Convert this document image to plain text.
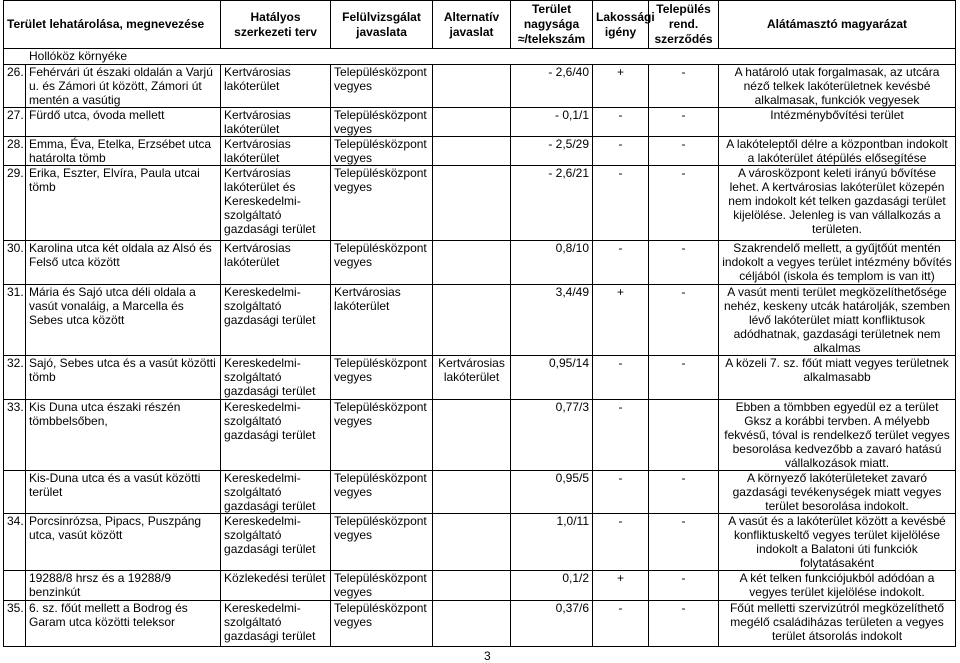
Terület lehatárolása, megnevezése		Hatályos szerkezeti terv	Felülvizsgálat javaslata	Alternatív javaslat	Terület nagysága ≈/telekszám	Lakossági igény	Település rend. szerződés	Alátámasztó magyarázat
Hollóköz környéke								
26.	Fehérvári út északi oldalán a Varjú u. és Zámori út között, Zámori út mentén a vasútig	Kertvárosias lakóterület	Településközpont vegyes		- 2,6/40	+	-	A határoló utak forgalmasak, az utcára néző telkek lakóterületnek kevésbé alkalmasak, funkciók vegyesek
27.	Fürdő utca, óvoda mellett	Kertvárosias lakóterület	Településközpont vegyes		- 0,1/1	-	-	Intézménybővítési terület
28.	Emma, Éva, Etelka, Erzsébet utca határolta tömb	Kertvárosias lakóterület	Településközpont vegyes		- 2,5/29	-	-	A lakóteleptől délre a központban indokolt a lakóterület átépülés elősegítése
29.	Erika, Eszter, Elvíra, Paula utcai tömb	Kertvárosias lakóterület és Kereskedelmi-szolgáltató gazdasági terület	Településközpont vegyes		- 2,6/21	-	-	A városközpont keleti irányú bővítése lehet. A kertvárosias lakóterület közepén nem indokolt két telken gazdasági terület kijelölése. Jelenleg is van vállalkozás a területen.
30.	Karolina utca két oldala az Alsó és Felső utca között	Kertvárosias lakóterület	Településközpont vegyes		0,8/10	-	-	Szakrendelő mellett, a gyűjtőút mentén indokolt a vegyes terület intézmény bővítés céljából (iskola és templom is van itt)
31.	Mária és Sajó utca déli oldala a vasút vonaláig, a Marcella és Sebes utca között	Kereskedelmi-szolgáltató gazdasági terület	Kertvárosias lakóterület		3,4/49	+	-	A vasút menti terület megközelíthetősége nehéz, keskeny utcák határolják, szemben lévő lakóterület miatt konfliktusok adódhatnak, gazdasági területnek nem alkalmas
32.	Sajó, Sebes utca és a vasút közötti tömb	Kereskedelmi-szolgáltató gazdasági terület	Településközpont vegyes	Kertvárosias lakóterület	0,95/14	-	-	A közeli 7. sz. főút miatt vegyes területnek alkalmasabb
33.	Kis Duna utca északi részén tömbbelsőben,	Kereskedelmi-szolgáltató gazdasági terület	Településközpont vegyes		0,77/3	-		Ebben a tömbben egyedül ez a terület Gksz a korábbi tervben. A mélyebb fekvésű, tóval is rendelkező terület vegyes besorolása kedvezőbb a zavaró hatású vállalkozások miatt.
	Kis-Duna utca és a vasút közötti terület	Kereskedelmi-szolgáltató gazdasági terület	Településközpont vegyes		0,95/5	-	-	A környező lakóterületeket zavaró gazdasági tevékenységek miatt vegyes terület besorolása indokolt.
34.	Porcsinrózsa, Pipacs, Puszpáng utca, vasút között	Kereskedelmi-szolgáltató gazdasági terület	Településközpont vegyes		1,0/11	-	-	A vasút és a lakóterület között a kevésbé konfliktuskeltő vegyes terület kijelölése indokolt a Balatoni úti funkciók folytatásaként
	19288/8 hrsz és a 19288/9 benzinkút	Közlekedési terület	Településközpont vegyes		0,1/2	+	-	A két telken funkciójukból adódóan a vegyes terület kijelölése indokolt.
35.	6. sz. főút mellett a Bodrog és Garam utca közötti teleksor	Kereskedelmi-szolgáltató gazdasági terület	Településközpont vegyes		0,37/6	-	-	Főút melletti szervizútról megközelíthető megélő családiházas területen a vegyes terület átsorolás indokolt
3
